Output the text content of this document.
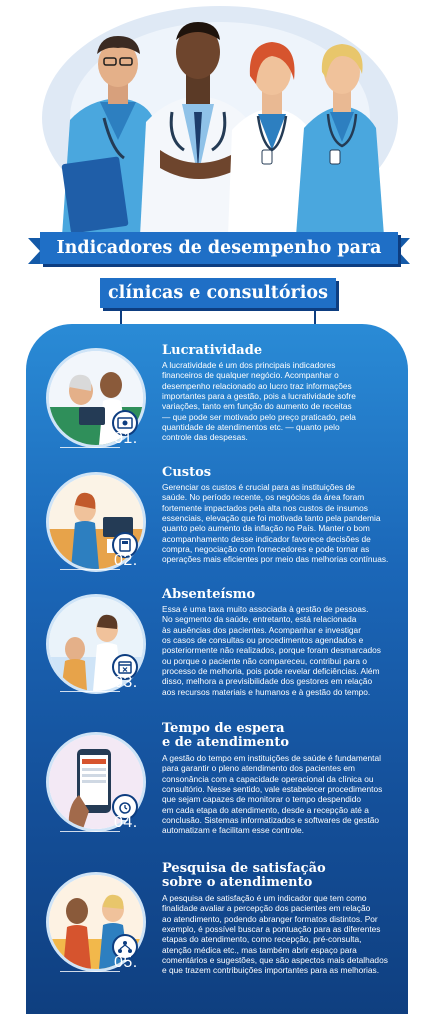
Indicadores de desempenho para
clínicas e consultórios
01.
Lucratividade
A lucratividade é um dos principais indicadores
financeiros de qualquer negócio. Acompanhar o
desempenho relacionado ao lucro traz informações
importantes para a gestão, pois a lucratividade sofre
variações, tanto em função do aumento de receitas
— que pode ser motivado pelo preço praticado, pela
quantidade de atendimentos etc. — quanto pelo
controle das despesas.
02.
Custos
Gerenciar os custos é crucial para as instituições de
saúde. No período recente, os negócios da área foram
fortemente impactados pela alta nos custos de insumos
essenciais, elevação que foi motivada tanto pela pandemia
quanto pelo aumento da inflação no País. Manter o bom
acompanhamento desse indicador favorece decisões de
compra, negociação com fornecedores e pode tornar as
operações mais eficientes por meio das melhorias contínuas.
03.
Absenteísmo
Essa é uma taxa muito associada à gestão de pessoas.
No segmento da saúde, entretanto, está relacionada
às ausências dos pacientes. Acompanhar e investigar
os casos de consultas ou procedimentos agendados e
posteriormente não realizados, porque foram desmarcados
ou porque o paciente não compareceu, contribui para o
processo de melhoria, pois pode revelar deficiências. Além
disso, melhora a previsibilidade dos gestores em relação
aos recursos materiais e humanos e à gestão do tempo.
04.
Tempo de espera
e de atendimento
A gestão do tempo em instituições de saúde é fundamental
para garantir o pleno atendimento dos pacientes em
consonância com a capacidade operacional da clínica ou
consultório. Nesse sentido, vale estabelecer procedimentos
que sejam capazes de monitorar o tempo despendido
em cada etapa do atendimento, desde a recepção até a
conclusão. Sistemas informatizados e softwares de gestão
automatizam e facilitam esse controle.
05.
Pesquisa de satisfação
sobre o atendimento
A pesquisa de satisfação é um indicador que tem como
finalidade avaliar a percepção dos pacientes em relação
ao atendimento, podendo abranger formatos distintos. Por
exemplo, é possível buscar a pontuação para as diferentes
etapas do atendimento, como recepção, pré-consulta,
atenção médica etc., mas também abrir espaço para
comentários e sugestões, que são aspectos mais detalhados
e que trazem contribuições importantes para as melhorias.
